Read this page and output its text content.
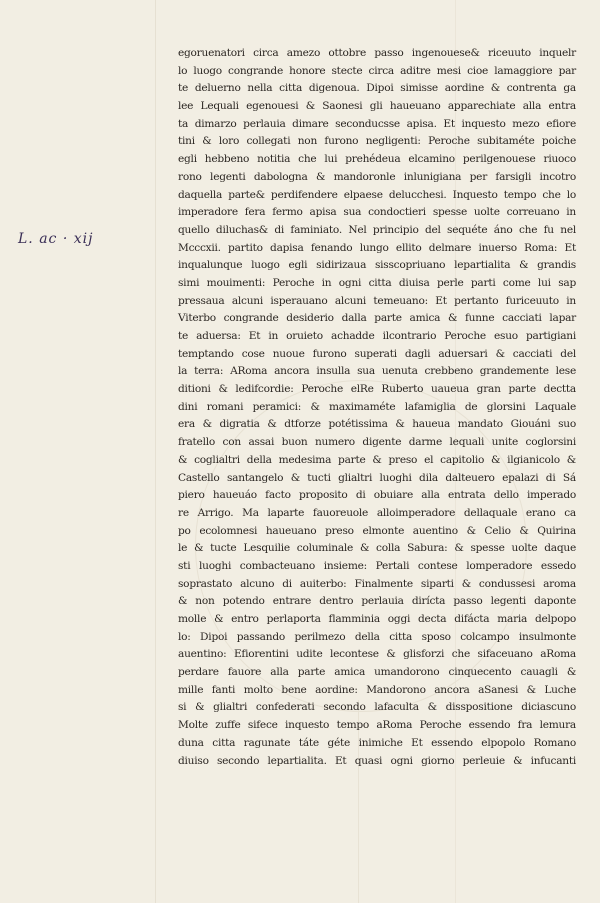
L. ac · xij
egoruenatori circa amezo ottobre passo ingenouese& riceuuto inquelr
lo luogo congrande honore stecte circa aditre mesi cioe lamaggiore par
te deluerno nella citta digenoua. Dipoi simisse aordine & contrenta ga
lee Lequali egenouesi & Saonesi gli haueuano apparechiate alla entra
ta dimarzo perlauia dimare seconducsse apisa. Et inquesto mezo efiore
tini & loro collegati non furono negligenti: Peroche subitaméte poiche
egli hebbeno notitia che lui prehédeua elcamino perilgenouese riuoco
rono legenti dabologna & mandoronle inlunigiana per farsigli incotro
daquella parte& perdifendere elpaese delucchesi. Inquesto tempo che lo
imperadore fera fermo apisa sua condoctieri spesse uolte correuano in
quello diluchas& di faminiato. Nel principio del sequéte áno che fu nel
Mcccxii. partito dapisa fenando lungo ellito delmare inuerso Roma: Et
inqualunque luogo egli sidirizaua sisscopriuano lepartialita & grandis
simi mouimenti: Peroche in ogni citta diuisa perle parti come lui sap
pressaua alcuni isperauano alcuni temeuano: Et pertanto furiceuuto in
Viterbo congrande desiderio dalla parte amica & funne cacciati lapar
te aduersa: Et in oruieto achadde ilcontrario Peroche esuo partigiani
temptando cose nuoue furono superati dagli aduersari & cacciati del
la terra: ARoma ancora insulla sua uenuta crebbeno grandemente lese
ditioni & ledifcordie: Peroche elRe Ruberto uaueua gran parte dectta
dini romani peramici: & maximaméte lafamiglia de glorsini Laquale
era & digratia & dtforze potétissima & haueua mandato Giouáni suo
fratello con assai buon numero digente darme lequali unite coglorsini
& coglialtri della medesima parte & preso el capitolio & ilgianicolo &
Castello santangelo & tucti glialtri luoghi dila dalteuero epalazi di Sá
piero haueuáo facto proposito di obuiare alla entrata dello imperado
re Arrigo. Ma laparte fauoreuole alloimperadore dellaquale erano ca
po ecolomnesi haueuano preso elmonte auentino & Celio & Quirina
le & tucte Lesquilie columinale & colla Sabura: & spesse uolte daque
sti luoghi combacteuano insieme: Pertali contese lomperadore essedo
soprastato alcuno di auiterbo: Finalmente siparti & condussesi aroma
& non potendo entrare dentro perlauia dirícta passo legenti daponte
molle & entro perlaporta flamminia oggi decta difácta maria delpopo
lo: Dipoi passando perilmezo della citta sposo colcampo insulmonte
auentino: Efiorentini udite lecontese & glisforzi che sifaceuano aRoma
perdare fauore alla parte amica umandorono cinquecento cauagli &
mille fanti molto bene aordine: Mandorono ancora aSanesi & Luche
si & glialtri confederati secondo lafaculta & disspositione diciascuno
Molte zuffe sifece inquesto tempo aRoma Peroche essendo fra lemura
duna citta ragunate táte géte inimiche Et essendo elpopolo Romano
diuiso secondo lepartialita. Et quasi ogni giorno perleuie & infucanti
